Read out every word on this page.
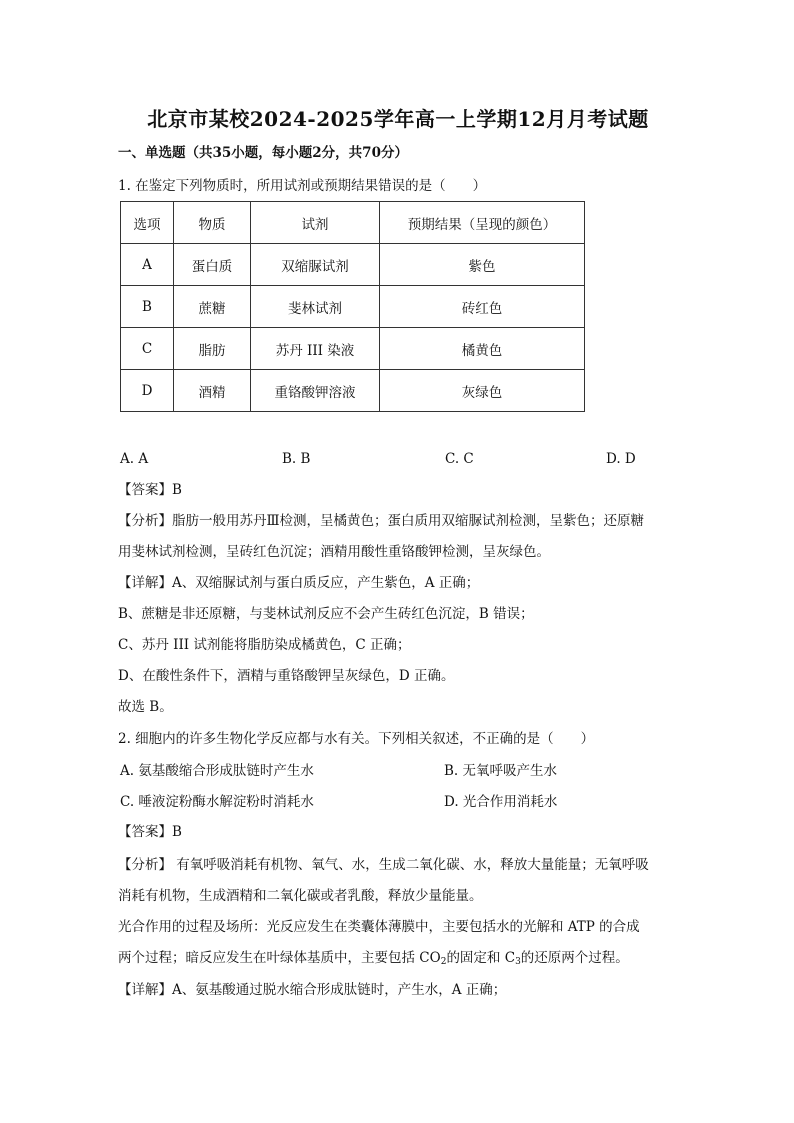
北京市某校2024-2025学年高一上学期12月月考试题
一、单选题（共35小题，每小题2分，共70分）
1. 在鉴定下列物质时，所用试剂或预期结果错误的是（　　）
选项	物质	试剂	预期结果（呈现的颜色）
A	蛋白质	双缩脲试剂	紫色
B	蔗糖	斐林试剂	砖红色
C	脂肪	苏丹 III 染液	橘黄色
D	酒精	重铬酸钾溶液	灰绿色
A. A	B. B	C. C	D. D
【答案】B
【分析】脂肪一般用苏丹Ⅲ检测，呈橘黄色；蛋白质用双缩脲试剂检测，呈紫色；还原糖
用斐林试剂检测，呈砖红色沉淀；酒精用酸性重铬酸钾检测，呈灰绿色。
【详解】A、双缩脲试剂与蛋白质反应，产生紫色，A 正确；
B、蔗糖是非还原糖，与斐林试剂反应不会产生砖红色沉淀，B 错误；
C、苏丹 III 试剂能将脂肪染成橘黄色，C 正确；
D、在酸性条件下，酒精与重铬酸钾呈灰绿色，D 正确。
故选 B。
2. 细胞内的许多生物化学反应都与水有关。下列相关叙述，不正确的是（　　）
A. 氨基酸缩合形成肽链时产生水	B. 无氧呼吸产生水
C. 唾液淀粉酶水解淀粉时消耗水	D. 光合作用消耗水
【答案】B
【分析】 有氧呼吸消耗有机物、氧气、水，生成二氧化碳、水，释放大量能量；无氧呼吸
消耗有机物，生成酒精和二氧化碳或者乳酸，释放少量能量。
光合作用的过程及场所：光反应发生在类囊体薄膜中，主要包括水的光解和 ATP 的合成
两个过程；暗反应发生在叶绿体基质中，主要包括 $CO_2$的固定和 $C_3$的还原两个过程。
【详解】A、氨基酸通过脱水缩合形成肽链时，产生水，A 正确；
